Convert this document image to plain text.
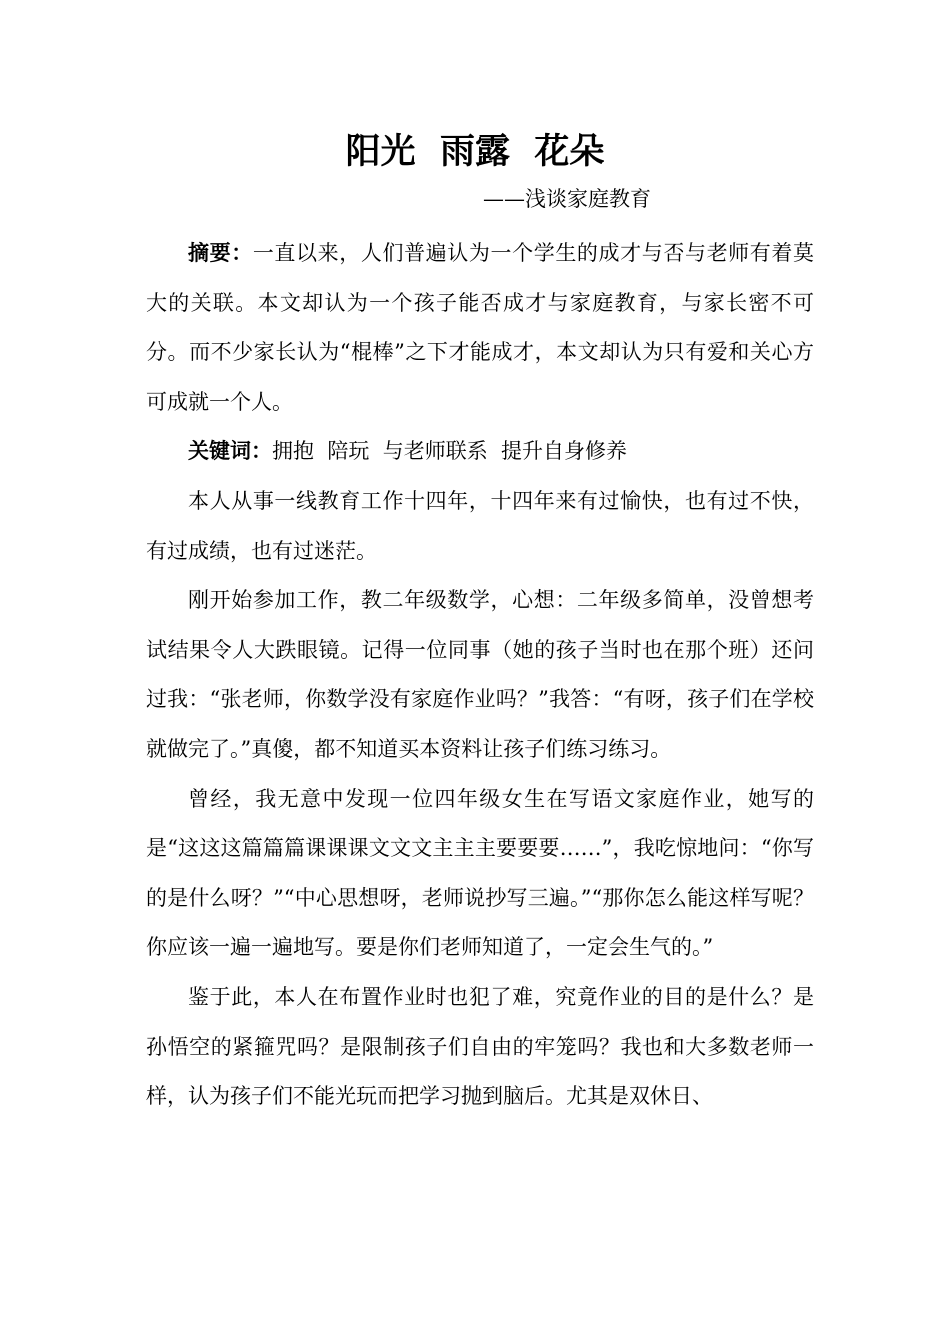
阳光  雨露  花朵
——浅谈家庭教育

摘要：一直以来，人们普遍认为一个学生的成才与否与老师有着莫大的关联。本文却认为一个孩子能否成才与家庭教育，与家长密不可分。而不少家长认为“棍棒”之下才能成才，本文却认为只有爱和关心方可成就一个人。

关键词：拥抱  陪玩  与老师联系  提升自身修养

本人从事一线教育工作十四年，十四年来有过愉快，也有过不快，有过成绩，也有过迷茫。

刚开始参加工作，教二年级数学，心想：二年级多简单，没曾想考试结果令人大跌眼镜。记得一位同事（她的孩子当时也在那个班）还问过我：“张老师，你数学没有家庭作业吗？”我答：“有呀，孩子们在学校就做完了。”真傻，都不知道买本资料让孩子们练习练习。

曾经，我无意中发现一位四年级女生在写语文家庭作业，她写的是“这这这篇篇篇课课课文文文主主主要要要……”，我吃惊地问：“你写的是什么呀？”“中心思想呀，老师说抄写三遍。”“那你怎么能这样写呢？你应该一遍一遍地写。要是你们老师知道了，一定会生气的。”

鉴于此，本人在布置作业时也犯了难，究竟作业的目的是什么？是孙悟空的紧箍咒吗？是限制孩子们自由的牢笼吗？我也和大多数老师一样，认为孩子们不能光玩而把学习抛到脑后。尤其是双休日、
